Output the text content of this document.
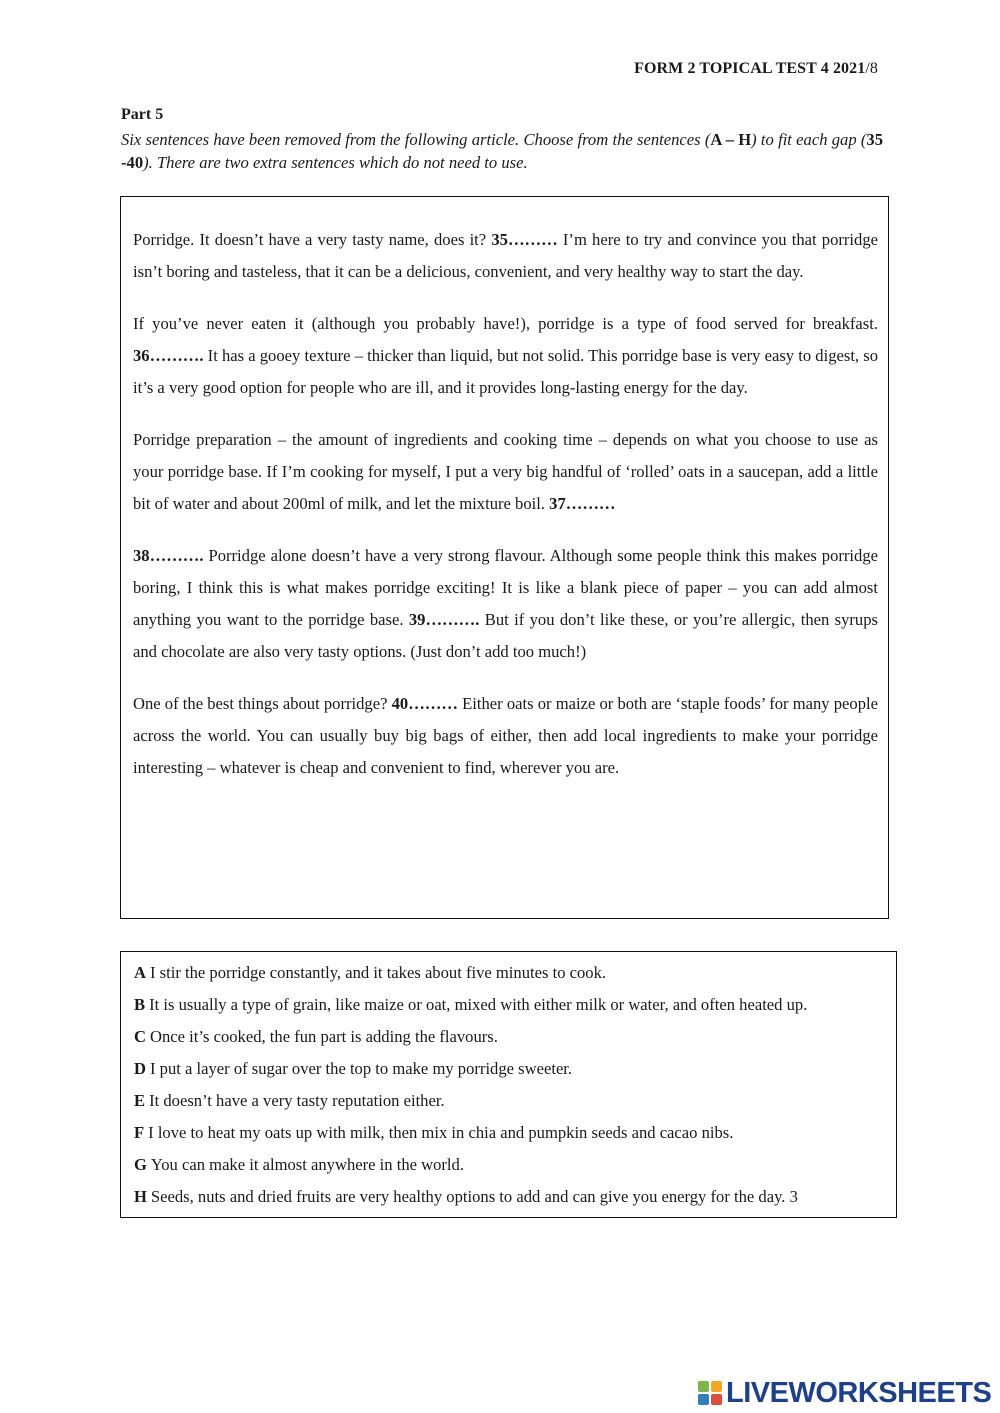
FORM 2 TOPICAL TEST 4 2021/8
Part 5
Six sentences have been removed from the following article. Choose from the sentences (A – H) to fit each gap (35 -40). There are two extra sentences which do not need to use.

Porridge. It doesn’t have a very tasty name, does it? 35……… I’m here to try and convince you that porridge isn’t boring and tasteless, that it can be a delicious, convenient, and very healthy way to start the day.

If you’ve never eaten it (although you probably have!), porridge is a type of food served for breakfast. 36………. It has a gooey texture – thicker than liquid, but not solid. This porridge base is very easy to digest, so it’s a very good option for people who are ill, and it provides long-lasting energy for the day.

Porridge preparation – the amount of ingredients and cooking time – depends on what you choose to use as your porridge base. If I’m cooking for myself, I put a very big handful of ‘rolled’ oats in a saucepan, add a little bit of water and about 200ml of milk, and let the mixture boil. 37………

38………. Porridge alone doesn’t have a very strong flavour. Although some people think this makes porridge boring, I think this is what makes porridge exciting! It is like a blank piece of paper – you can add almost anything you want to the porridge base. 39………. But if you don’t like these, or you’re allergic, then syrups and chocolate are also very tasty options. (Just don’t add too much!)

One of the best things about porridge? 40……… Either oats or maize or both are ‘staple foods’ for many people across the world. You can usually buy big bags of either, then add local ingredients to make your porridge interesting – whatever is cheap and convenient to find, wherever you are.

A I stir the porridge constantly, and it takes about five minutes to cook.
B It is usually a type of grain, like maize or oat, mixed with either milk or water, and often heated up.
C Once it’s cooked, the fun part is adding the flavours.
D I put a layer of sugar over the top to make my porridge sweeter.
E It doesn’t have a very tasty reputation either.
F I love to heat my oats up with milk, then mix in chia and pumpkin seeds and cacao nibs.
G You can make it almost anywhere in the world.
H Seeds, nuts and dried fruits are very healthy options to add and can give you energy for the day. 3
LIVEWORKSHEETS
